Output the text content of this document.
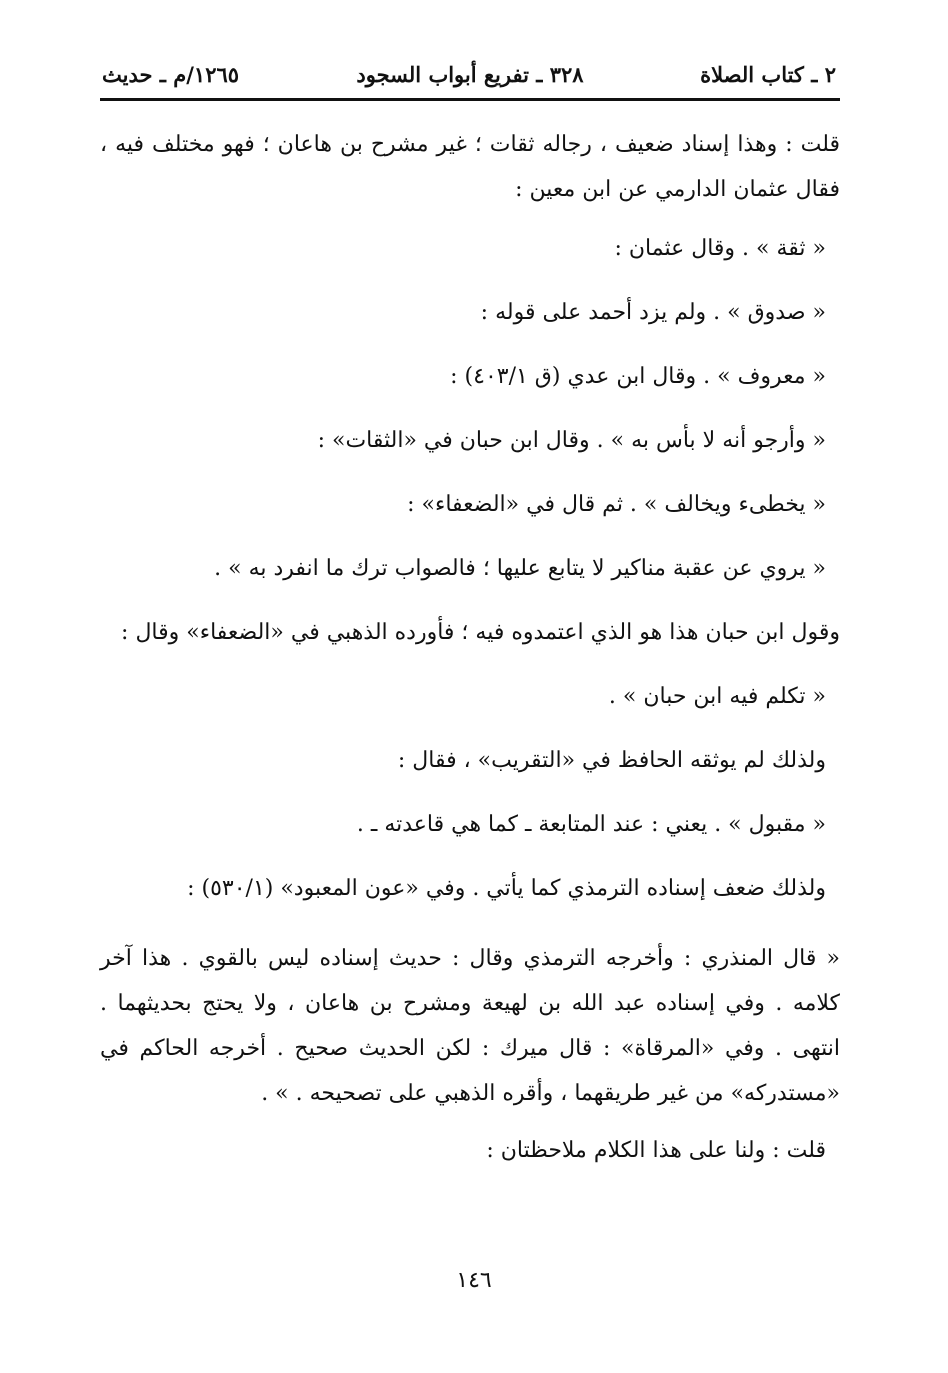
٢ ـ كتاب الصلاة
٣٢٨ ـ تفريع أبواب السجود
١٢٦٥/م ـ حديث
قلت : وهذا إسناد ضعيف ، رجاله ثقات ؛ غير مشرح بن هاعان ؛ فهو مختلف فيه ، فقال عثمان الدارمي عن ابن معين :
« ثقة » . وقال عثمان :
« صدوق » . ولم يزد أحمد على قوله :
« معروف » . وقال ابن عدي (ق ٤٠٣/١) :
« وأرجو أنه لا بأس به » . وقال ابن حبان في «الثقات» :
« يخطىء ويخالف » . ثم قال في «الضعفاء» :
« يروي عن عقبة مناكير لا يتابع عليها ؛ فالصواب ترك ما انفرد به » .
وقول ابن حبان هذا هو الذي اعتمدوه فيه ؛ فأورده الذهبي في «الضعفاء» وقال :
« تكلم فيه ابن حبان » .
ولذلك لم يوثقه الحافظ في «التقريب» ، فقال :
« مقبول » . يعني : عند المتابعة ـ كما هي قاعدته ـ .
ولذلك ضعف إسناده الترمذي كما يأتي . وفي «عون المعبود» (٥٣٠/١) :
« قال المنذري : وأخرجه الترمذي وقال : حديث إسناده ليس بالقوي . هذا آخر كلامه . وفي إسناده عبد الله بن لهيعة ومشرح بن هاعان ، ولا يحتج بحديثهما . انتهى . وفي «المرقاة» : قال ميرك : لكن الحديث صحيح . أخرجه الحاكم في «مستدركه» من غير طريقهما ، وأقره الذهبي على تصحيحه . » .
قلت : ولنا على هذا الكلام ملاحظتان :
١٤٦
